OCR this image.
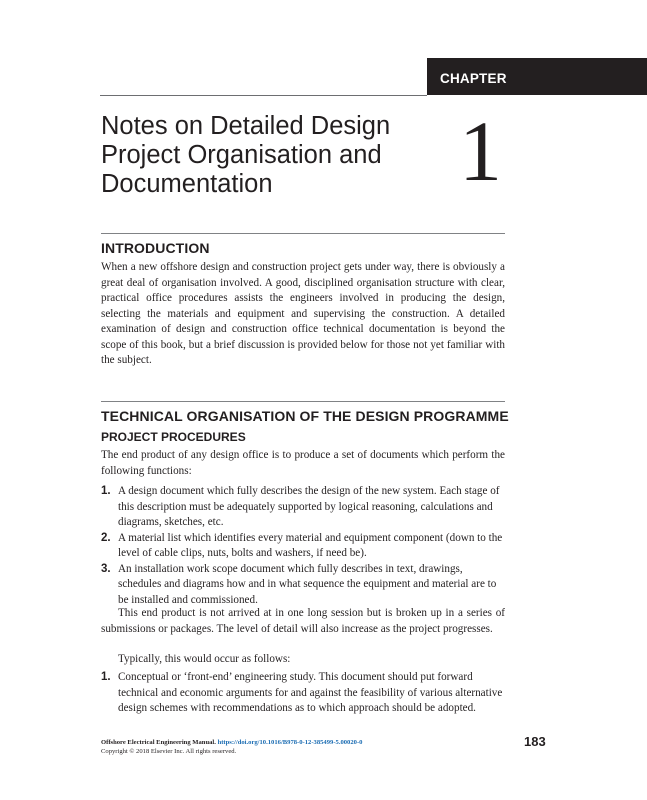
CHAPTER
Notes on Detailed Design Project Organisation and Documentation	1
INTRODUCTION

When a new offshore design and construction project gets under way, there is obviously a great deal of organisation involved. A good, disciplined organisation structure with clear, practical office procedures assists the engineers involved in producing the design, selecting the materials and equipment and supervising the construction. A detailed examination of design and construction office technical documentation is beyond the scope of this book, but a brief discussion is provided below for those not yet familiar with the subject.

TECHNICAL ORGANISATION OF THE DESIGN PROGRAMME
PROJECT PROCEDURES

The end product of any design office is to produce a set of documents which perform the following functions:

1. A design document which fully describes the design of the new system. Each stage of this description must be adequately supported by logical reasoning, calculations and diagrams, sketches, etc.
2. A material list which identifies every material and equipment component (down to the level of cable clips, nuts, bolts and washers, if need be).
3. An installation work scope document which fully describes in text, drawings, schedules and diagrams how and in what sequence the equipment and material are to be installed and commissioned.

This end product is not arrived at in one long session but is broken up in a series of submissions or packages. The level of detail will also increase as the project progresses.

Typically, this would occur as follows:

1. Conceptual or ‘front-end’ engineering study. This document should put forward technical and economic arguments for and against the feasibility of various alternative design schemes with recommendations as to which approach should be adopted.
Offshore Electrical Engineering Manual. https://doi.org/10.1016/B978-0-12-385499-5.00020-0
Copyright © 2018 Elsevier Inc. All rights reserved.
183
